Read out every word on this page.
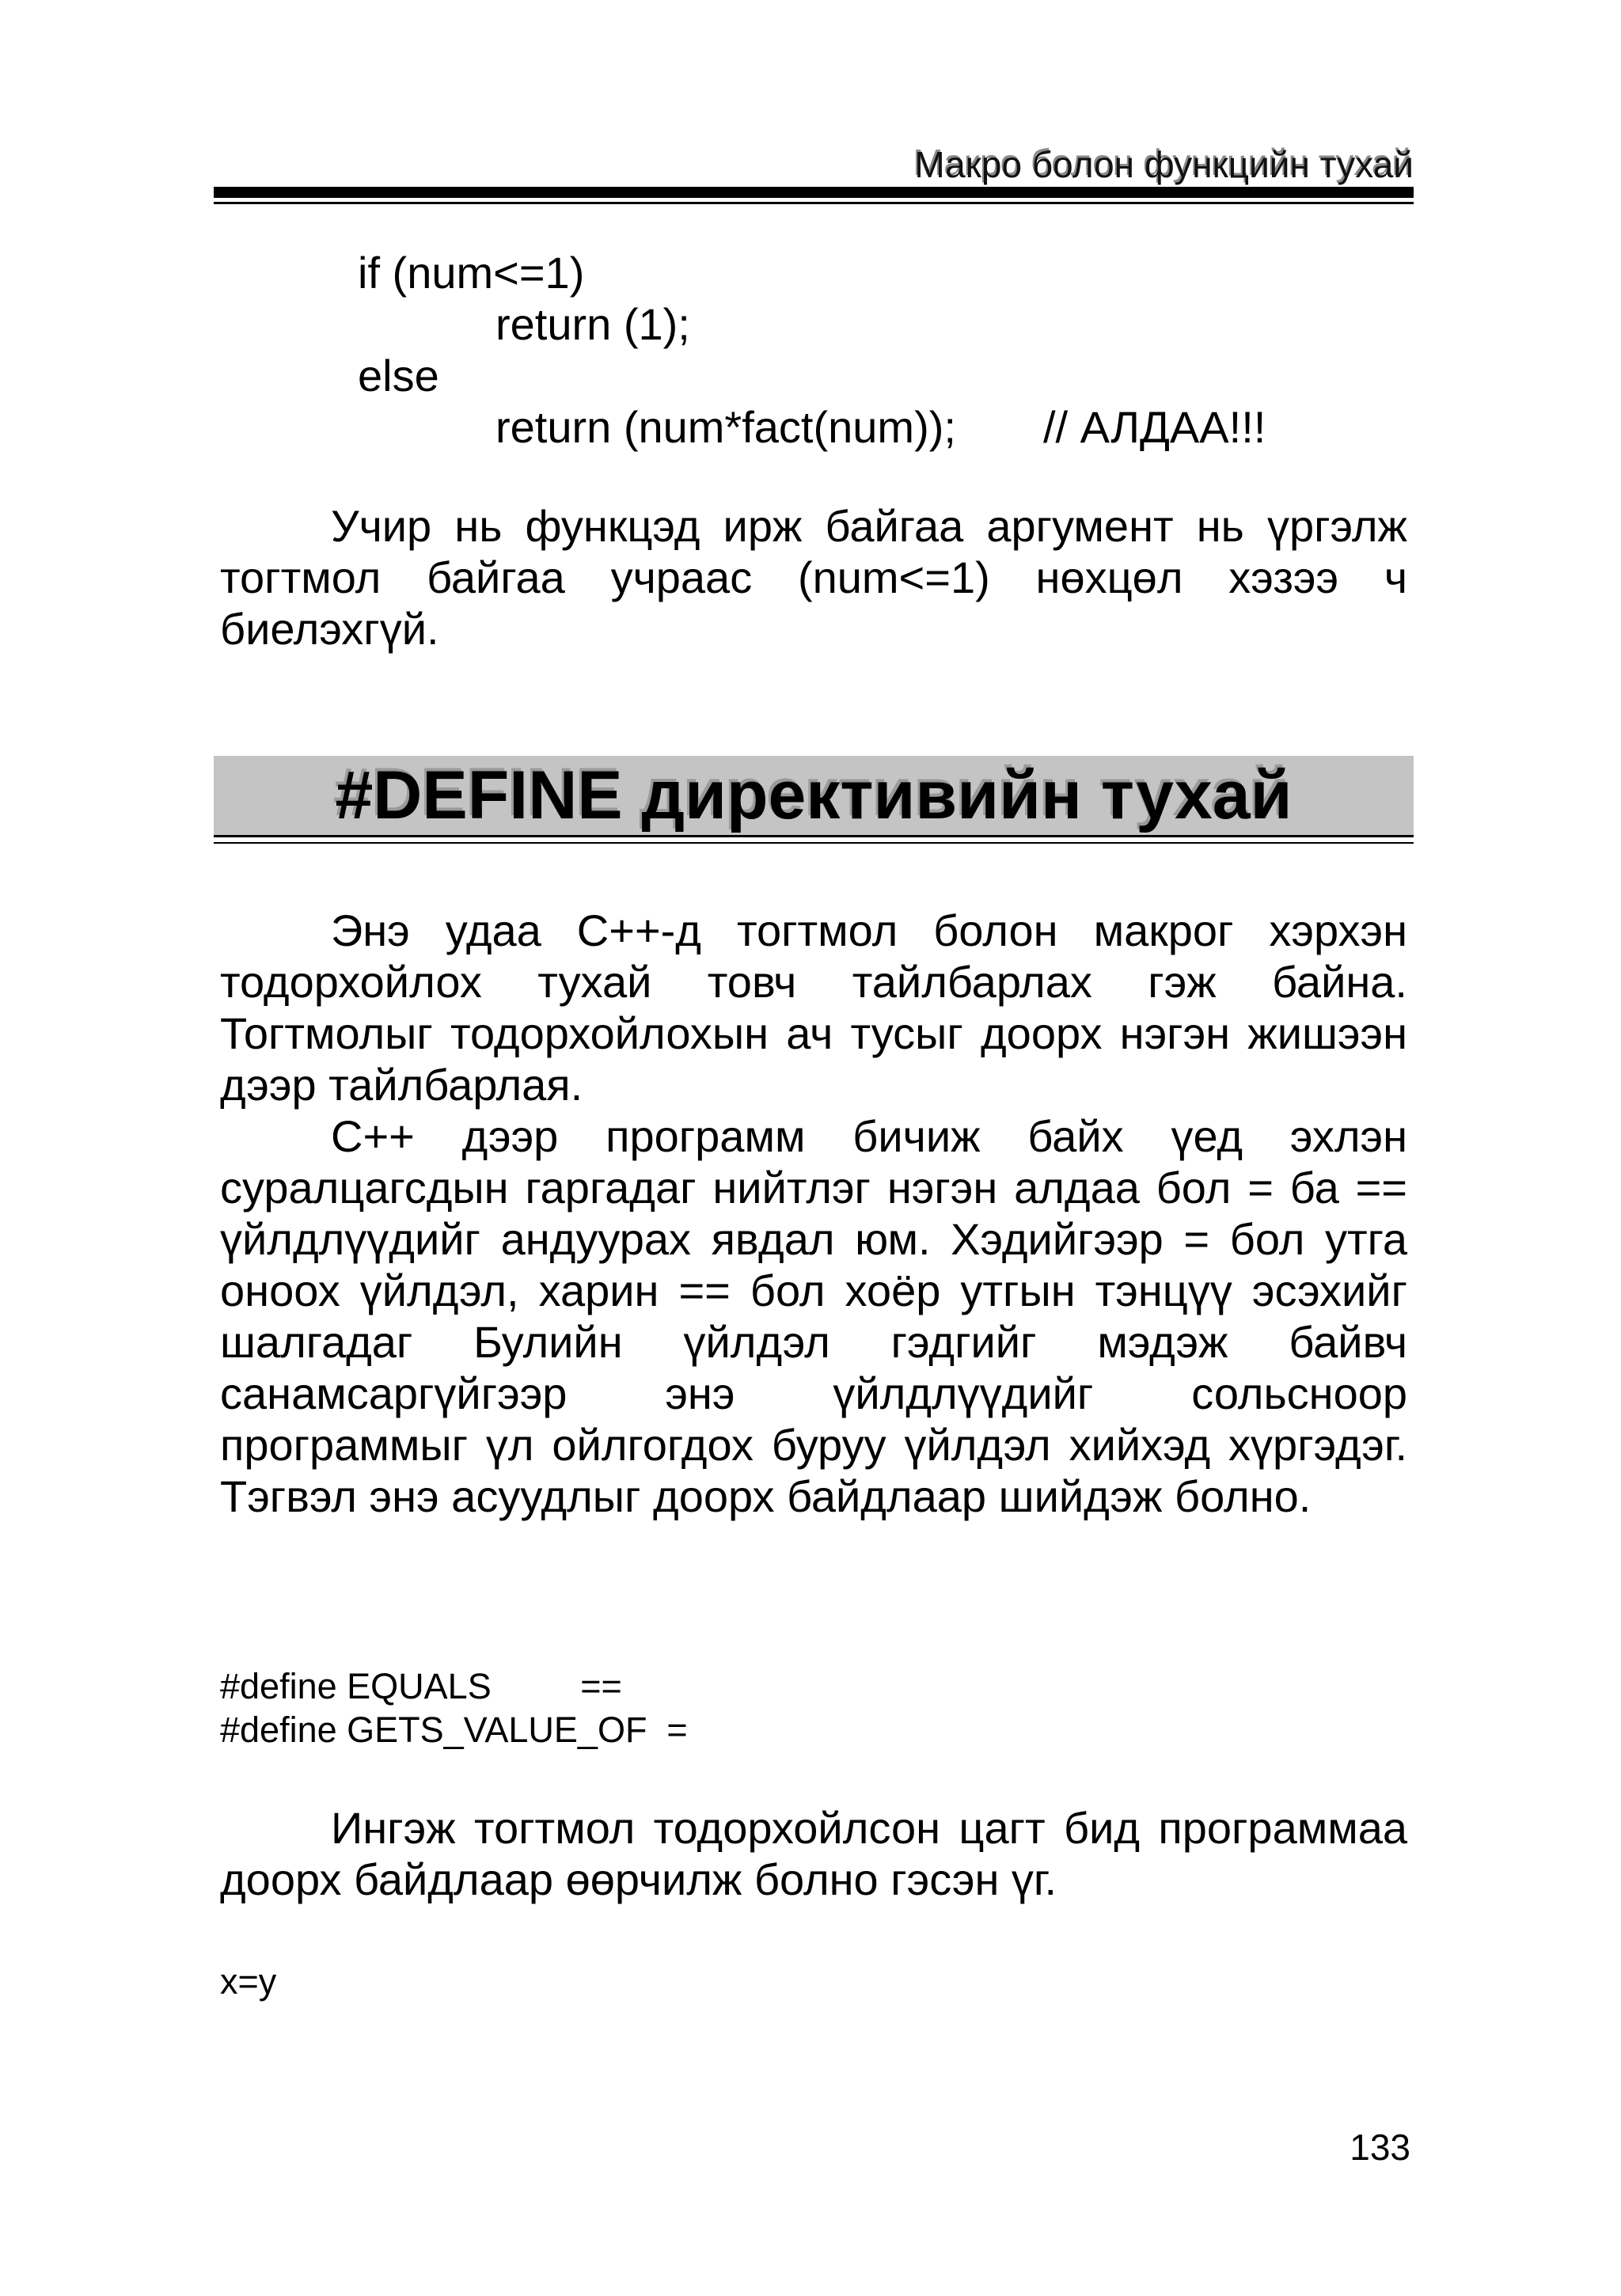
Макро болон функцийн тухай
if (num<=1)
return (1);
else
return (num*fact(num)); // АЛДАА!!!

Учир нь функцэд ирж байгаа аргумент нь үргэлж тогтмол байгаа учраас (num<=1) нөхцөл хэзээ ч биелэхгүй.

#DEFINE директивийн тухай

Энэ удаа C++-д тогтмол болон макрог хэрхэн тодорхойлох тухай товч тайлбарлах гэж байна. Тогтмолыг тодорхойлохын ач тусыг доорх нэгэн жишээн дээр тайлбарлая.

C++ дээр программ бичиж байх үед эхлэн суралцагсдын гаргадаг нийтлэг нэгэн алдаа бол = ба == үйлдлүүдийг андуурах явдал юм. Хэдийгээр = бол утга оноох үйлдэл, харин == бол хоёр утгын тэнцүү эсэхийг шалгадаг Булийн үйлдэл гэдгийг мэдэж байвч санамсаргүйгээр энэ үйлдлүүдийг сольсноор программыг үл ойлгогдох буруу үйлдэл хийхэд хүргэдэг. Тэгвэл энэ асуудлыг доорх байдлаар шийдэж болно.

#define EQUALS         ==
#define GETS_VALUE_OF  =

Ингэж тогтмол тодорхойлсон цагт бид программаа доорх байдлаар өөрчилж болно гэсэн үг.

x=y
133
